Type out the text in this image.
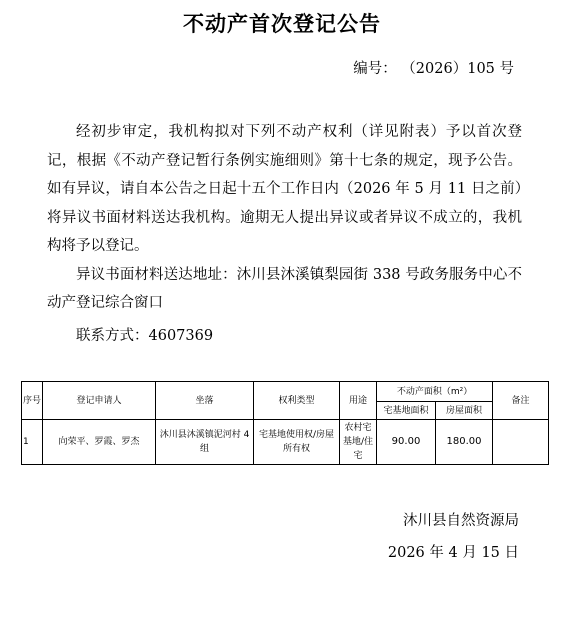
不动产首次登记公告
编号： （2026）105 号

经初步审定，我机构拟对下列不动产权利（详见附表）予以首次登记，根据《不动产登记暂行条例实施细则》第十七条的规定，现予公告。如有异议，请自本公告之日起十五个工作日内（2026 年 5 月 11 日之前）将异议书面材料送达我机构。逾期无人提出异议或者异议不成立的，我机构将予以登记。

异议书面材料送达地址：沐川县沐溪镇梨园街 338 号政务服务中心不动产登记综合窗口

联系方式：4607369

序号	登记申请人	坐落	权利类型	用途	不动产面积（m²）		备注
					宅基地面积	房屋面积	
1	向荣平、罗霞、罗杰	沐川县沐溪镇泥河村 4 组	宅基地使用权/房屋所有权	农村宅基地/住宅	90.00	180.00	
沐川县自然资源局
2026 年 4 月 15 日
